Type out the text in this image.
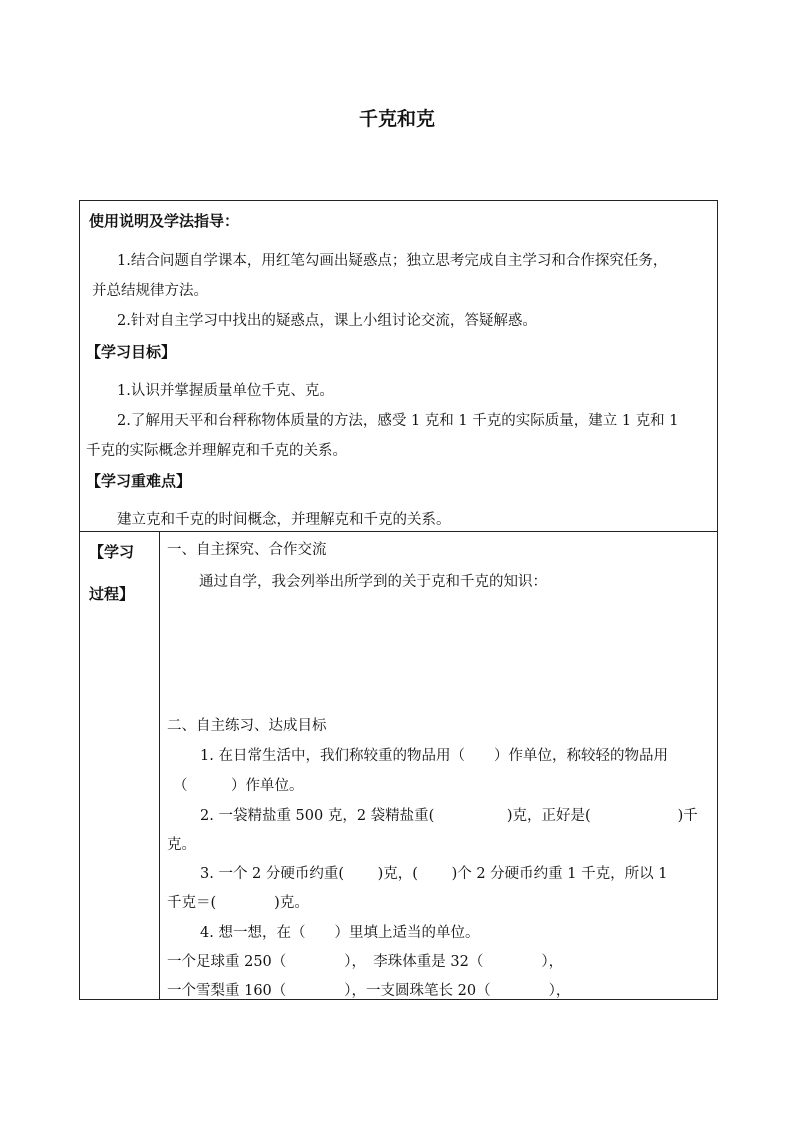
千克和克
使用说明及学法指导：
1.结合问题自学课本，用红笔勾画出疑惑点；独立思考完成自主学习和合作探究任务，
并总结规律方法。
2.针对自主学习中找出的疑惑点，课上小组讨论交流，答疑解惑。
【学习目标】
1.认识并掌握质量单位千克、克。
2.了解用天平和台秤称物体质量的方法，感受 1 克和 1 千克的实际质量，建立 1 克和 1
千克的实际概念并理解克和千克的关系。
【学习重难点】
建立克和千克的时间概念，并理解克和千克的关系。
【学习
过程】
一、自主探究、合作交流
通过自学，我会列举出所学到的关于克和千克的知识：
二、自主练习、达成目标
1. 在日常生活中，我们称较重的物品用（　　）作单位，称较轻的物品用
（　　　）作单位。
2. 一袋精盐重 500 克，2 袋精盐重(　　　　　)克，正好是(　　　　　　)千
克。
3. 一个 2 分硬币约重(　　 )克，(　　 )个 2 分硬币约重 1 千克，所以 1
千克＝(　　　　)克。
4. 想一想，在（　　）里填上适当的单位。
一个足球重 250（　　　　），　李珠体重是 32（　　　　），
一个雪梨重 160（　　　　），一支圆珠笔长 20（　　　　），
